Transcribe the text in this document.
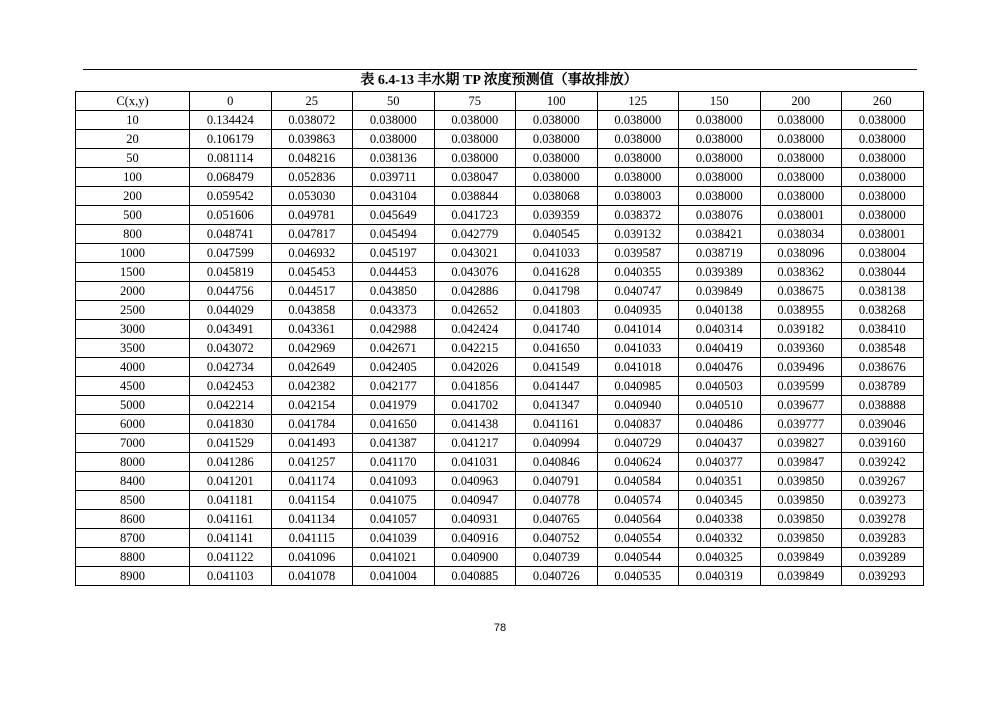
表 6.4-13 丰水期 TP 浓度预测值（事故排放）
C(x,y)	0	25	50	75	100	125	150	200	260
10	0.134424	0.038072	0.038000	0.038000	0.038000	0.038000	0.038000	0.038000	0.038000
20	0.106179	0.039863	0.038000	0.038000	0.038000	0.038000	0.038000	0.038000	0.038000
50	0.081114	0.048216	0.038136	0.038000	0.038000	0.038000	0.038000	0.038000	0.038000
100	0.068479	0.052836	0.039711	0.038047	0.038000	0.038000	0.038000	0.038000	0.038000
200	0.059542	0.053030	0.043104	0.038844	0.038068	0.038003	0.038000	0.038000	0.038000
500	0.051606	0.049781	0.045649	0.041723	0.039359	0.038372	0.038076	0.038001	0.038000
800	0.048741	0.047817	0.045494	0.042779	0.040545	0.039132	0.038421	0.038034	0.038001
1000	0.047599	0.046932	0.045197	0.043021	0.041033	0.039587	0.038719	0.038096	0.038004
1500	0.045819	0.045453	0.044453	0.043076	0.041628	0.040355	0.039389	0.038362	0.038044
2000	0.044756	0.044517	0.043850	0.042886	0.041798	0.040747	0.039849	0.038675	0.038138
2500	0.044029	0.043858	0.043373	0.042652	0.041803	0.040935	0.040138	0.038955	0.038268
3000	0.043491	0.043361	0.042988	0.042424	0.041740	0.041014	0.040314	0.039182	0.038410
3500	0.043072	0.042969	0.042671	0.042215	0.041650	0.041033	0.040419	0.039360	0.038548
4000	0.042734	0.042649	0.042405	0.042026	0.041549	0.041018	0.040476	0.039496	0.038676
4500	0.042453	0.042382	0.042177	0.041856	0.041447	0.040985	0.040503	0.039599	0.038789
5000	0.042214	0.042154	0.041979	0.041702	0.041347	0.040940	0.040510	0.039677	0.038888
6000	0.041830	0.041784	0.041650	0.041438	0.041161	0.040837	0.040486	0.039777	0.039046
7000	0.041529	0.041493	0.041387	0.041217	0.040994	0.040729	0.040437	0.039827	0.039160
8000	0.041286	0.041257	0.041170	0.041031	0.040846	0.040624	0.040377	0.039847	0.039242
8400	0.041201	0.041174	0.041093	0.040963	0.040791	0.040584	0.040351	0.039850	0.039267
8500	0.041181	0.041154	0.041075	0.040947	0.040778	0.040574	0.040345	0.039850	0.039273
8600	0.041161	0.041134	0.041057	0.040931	0.040765	0.040564	0.040338	0.039850	0.039278
8700	0.041141	0.041115	0.041039	0.040916	0.040752	0.040554	0.040332	0.039850	0.039283
8800	0.041122	0.041096	0.041021	0.040900	0.040739	0.040544	0.040325	0.039849	0.039289
8900	0.041103	0.041078	0.041004	0.040885	0.040726	0.040535	0.040319	0.039849	0.039293
78
